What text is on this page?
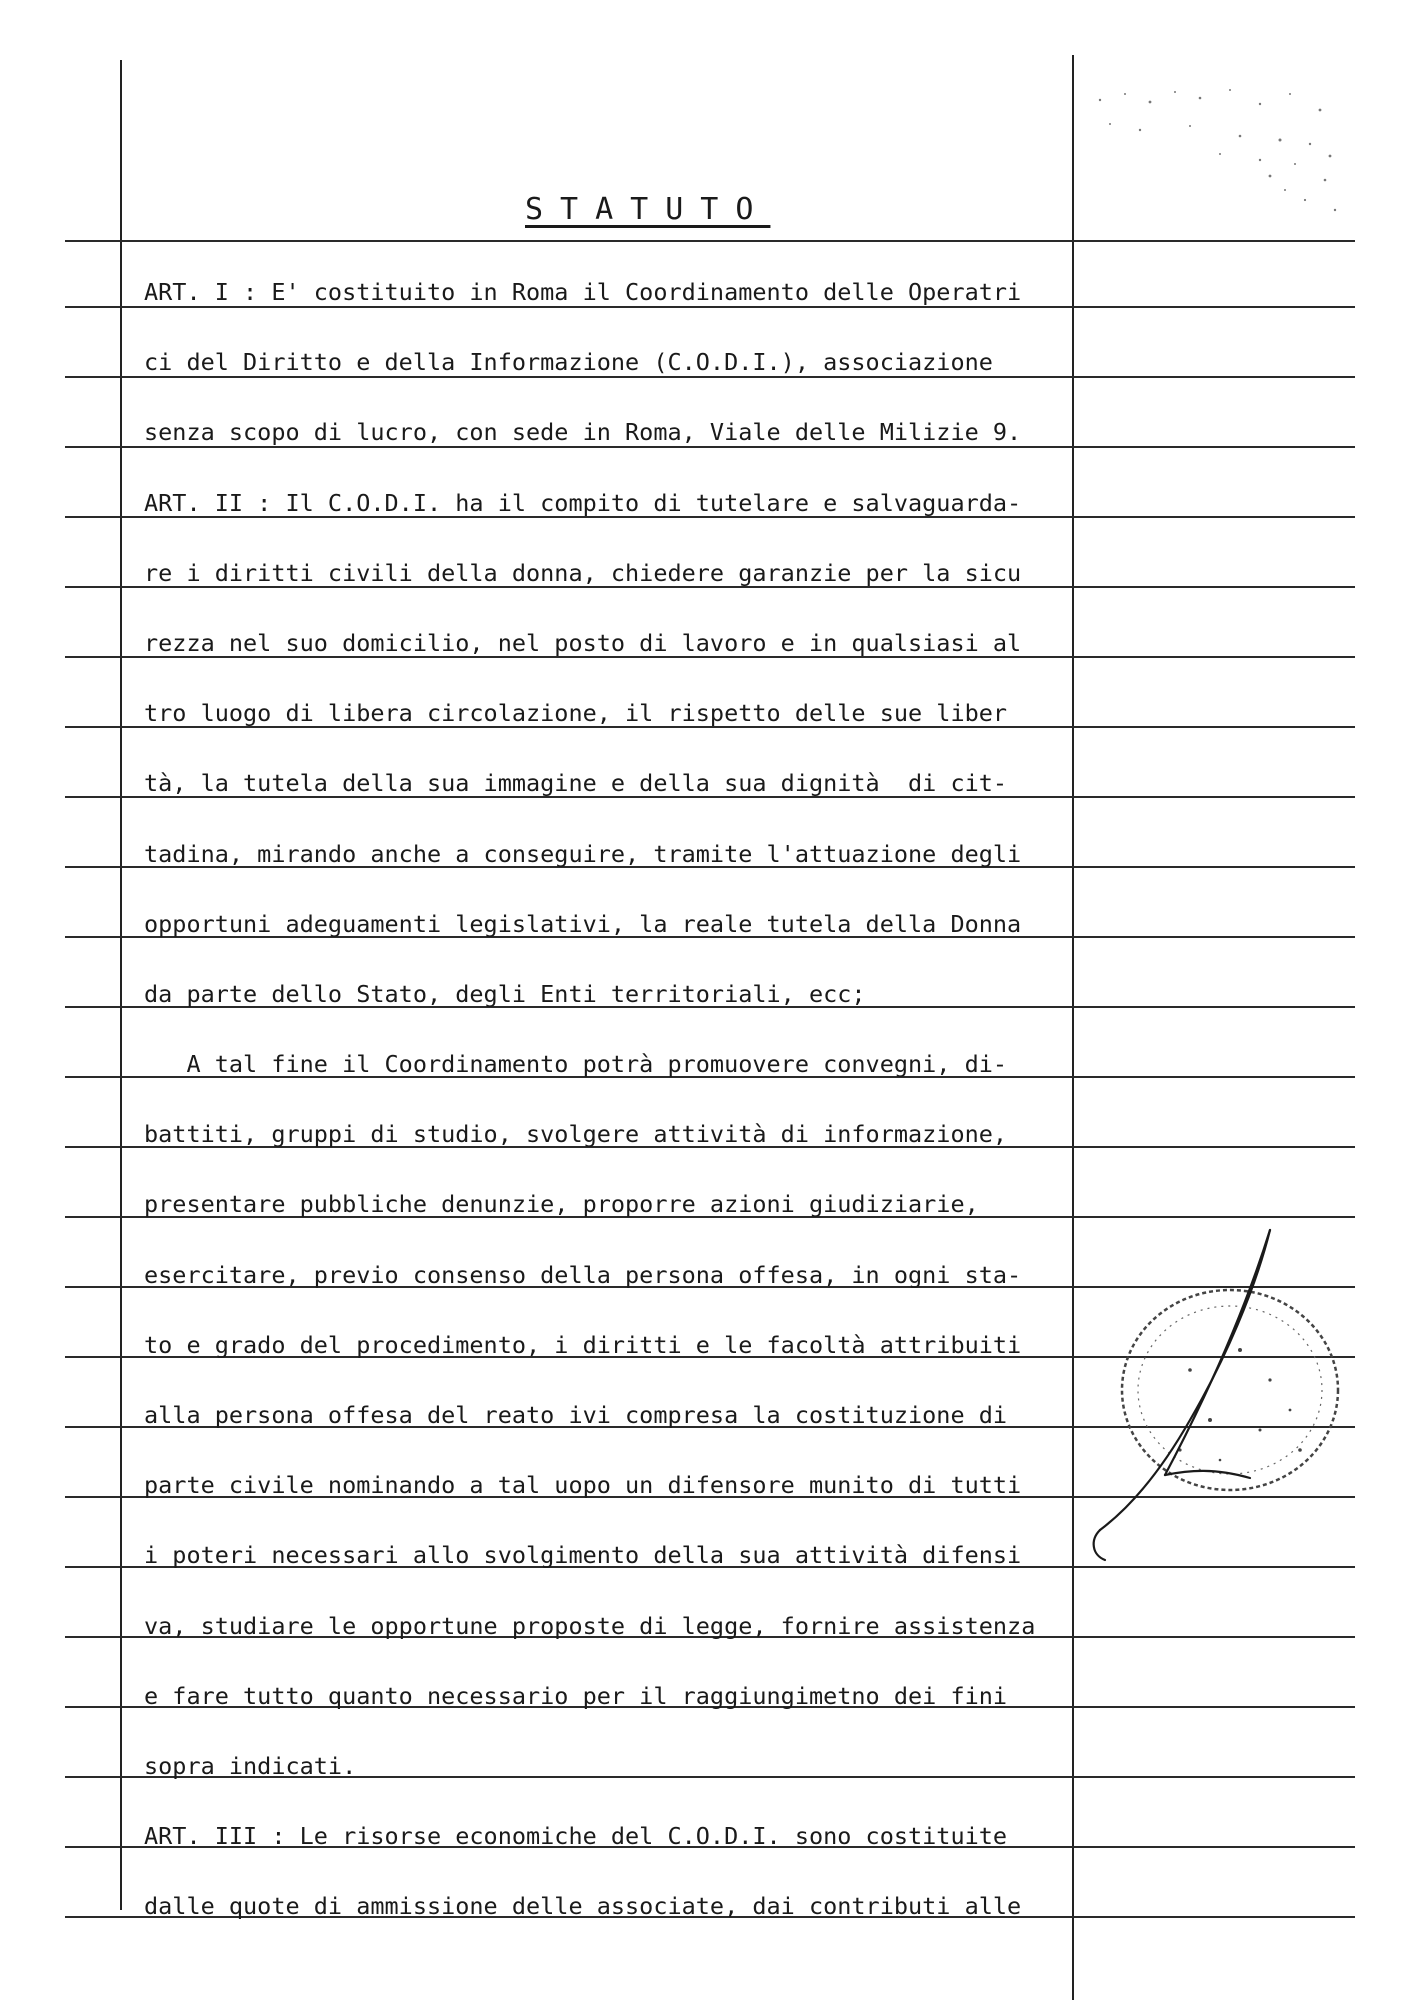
STATUTO
ART. I : E' costituito in Roma il Coordinamento delle Operatri
ci del Diritto e della Informazione (C.O.D.I.), associazione
senza scopo di lucro, con sede in Roma, Viale delle Milizie 9.
ART. II : Il C.O.D.I. ha il compito di tutelare e salvaguarda-
re i diritti civili della donna, chiedere garanzie per la sicu
rezza nel suo domicilio, nel posto di lavoro e in qualsiasi al
tro luogo di libera circolazione, il rispetto delle sue liber
tà, la tutela della sua immagine e della sua dignità  di cit-
tadina, mirando anche a conseguire, tramite l'attuazione degli
opportuni adeguamenti legislativi, la reale tutela della Donna
da parte dello Stato, degli Enti territoriali, ecc;
A tal fine il Coordinamento potrà promuovere convegni, di-
battiti, gruppi di studio, svolgere attività di informazione,
presentare pubbliche denunzie, proporre azioni giudiziarie,
esercitare, previo consenso della persona offesa, in ogni sta-
to e grado del procedimento, i diritti e le facoltà attribuiti
alla persona offesa del reato ivi compresa la costituzione di
parte civile nominando a tal uopo un difensore munito di tutti
i poteri necessari allo svolgimento della sua attività difensi
va, studiare le opportune proposte di legge, fornire assistenza
e fare tutto quanto necessario per il raggiungimetno dei fini
sopra indicati.
ART. III : Le risorse economiche del C.O.D.I. sono costituite
dalle quote di ammissione delle associate, dai contributi alle
